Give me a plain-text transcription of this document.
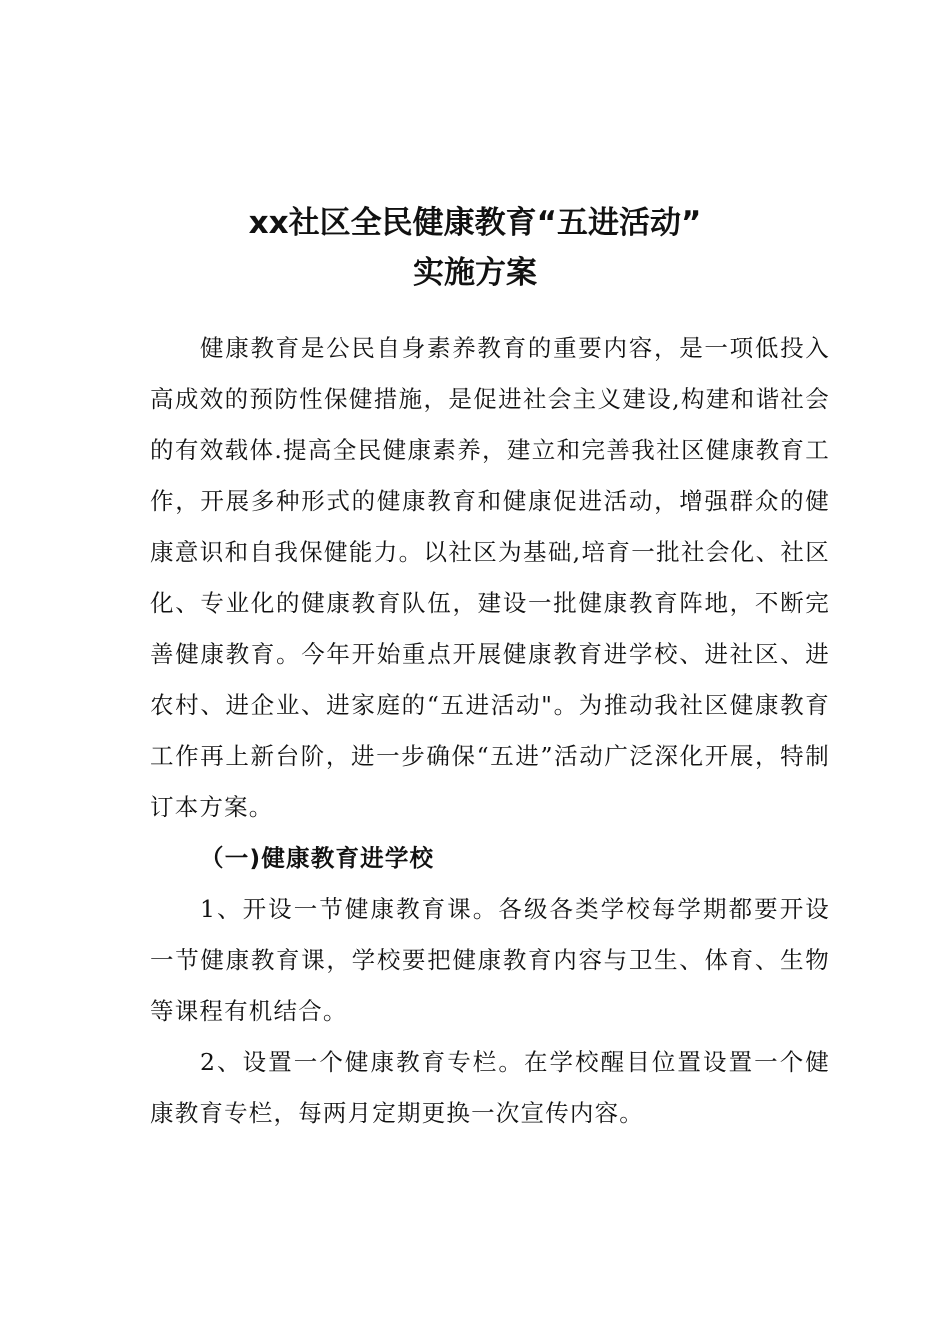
xx社区全民健康教育“五进活动”
实施方案

健康教育是公民自身素养教育的重要内容，是一项低投入高成效的预防性保健措施，是促进社会主义建设,构建和谐社会的有效载体.提高全民健康素养，建立和完善我社区健康教育工作，开展多种形式的健康教育和健康促进活动，增强群众的健康意识和自我保健能力。以社区为基础,培育一批社会化、社区化、专业化的健康教育队伍，建设一批健康教育阵地，不断完善健康教育。今年开始重点开展健康教育进学校、进社区、进农村、进企业、进家庭的“五进活动"。为推动我社区健康教育工作再上新台阶，进一步确保“五进”活动广泛深化开展，特制订本方案。

（一)健康教育进学校

1、开设一节健康教育课。各级各类学校每学期都要开设一节健康教育课，学校要把健康教育内容与卫生、体育、生物等课程有机结合。

2、设置一个健康教育专栏。在学校醒目位置设置一个健康教育专栏，每两月定期更换一次宣传内容。
